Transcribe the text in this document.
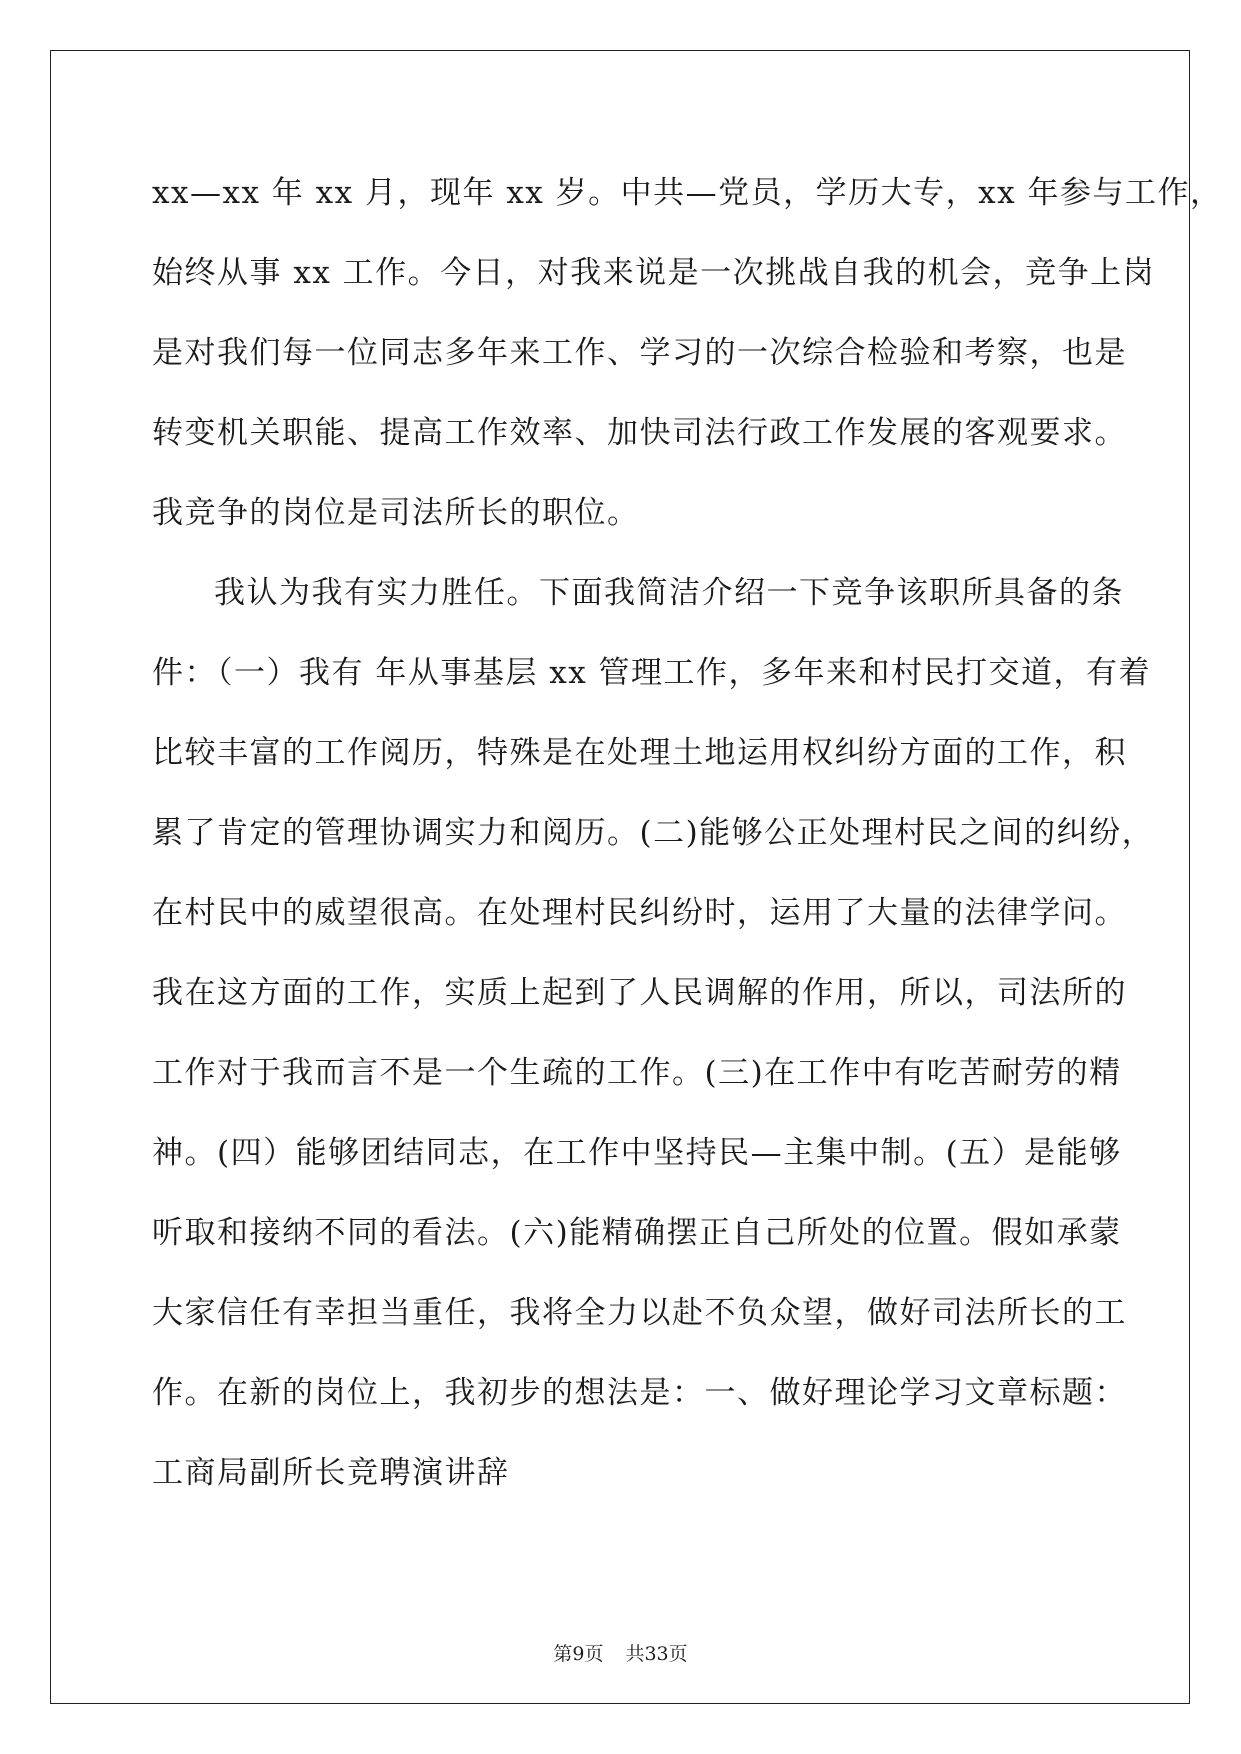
xx—xx 年 xx 月，现年 xx 岁。中共—党员，学历大专，xx 年参与工作，
始终从事 xx 工作。今日，对我来说是一次挑战自我的机会，竞争上岗
是对我们每一位同志多年来工作、学习的一次综合检验和考察，也是
转变机关职能、提高工作效率、加快司法行政工作发展的客观要求。
我竞争的岗位是司法所长的职位。
我认为我有实力胜任。下面我简洁介绍一下竞争该职所具备的条
件：（一）我有 年从事基层 xx 管理工作，多年来和村民打交道，有着
比较丰富的工作阅历，特殊是在处理土地运用权纠纷方面的工作，积
累了肯定的管理协调实力和阅历。(二)能够公正处理村民之间的纠纷，
在村民中的威望很高。在处理村民纠纷时，运用了大量的法律学问。
我在这方面的工作，实质上起到了人民调解的作用，所以，司法所的
工作对于我而言不是一个生疏的工作。(三)在工作中有吃苦耐劳的精
神。(四）能够团结同志，在工作中坚持民—主集中制。(五）是能够
听取和接纳不同的看法。(六)能精确摆正自己所处的位置。假如承蒙
大家信任有幸担当重任，我将全力以赴不负众望，做好司法所长的工
作。在新的岗位上，我初步的想法是：一、做好理论学习文章标题：
工商局副所长竞聘演讲辞
第9页 共33页
